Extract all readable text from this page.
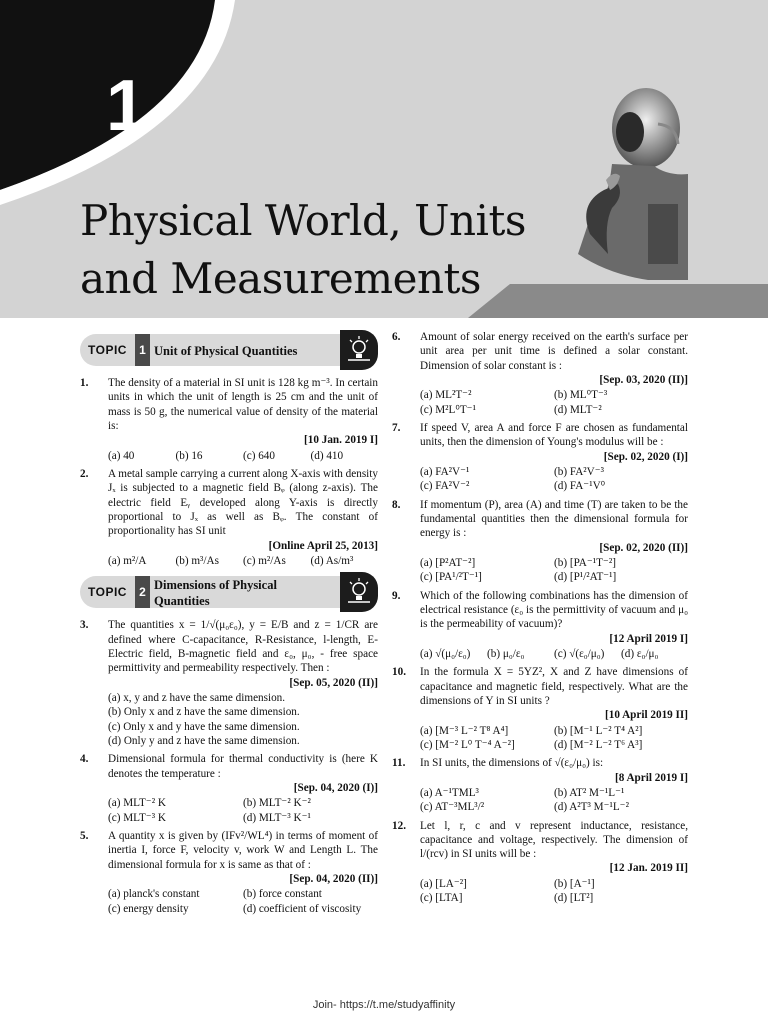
1
Physical World, Units
and Measurements
TOPIC	1 Unit of Physical Quantities
1. The density of a material in SI unit is 128 kg m⁻³. In certain units in which the unit of length is 25 cm and the unit of mass is 50 g, the numerical value of density of the material is:
[10 Jan. 2019 I]
(a) 40	(b) 16	(c) 640	(d) 410
2. A metal sample carrying a current along X-axis with density Jₓ is subjected to a magnetic field Bᵩ (along z-axis). The electric field Eᵧ developed along Y-axis is directly proportional to Jₓ as well as Bᵩ. The constant of proportionality has SI unit
[Online April 25, 2013]
(a) m²/A	(b) m³/As	(c) m²/As	(d) As/m³
TOPIC	2 Dimensions of Physical Quantities
3. The quantities x = 1/√(μ₀ε₀), y = E/B and z = 1/CR are defined where C-capacitance, R-Resistance, l-length, E-Electric field, B-magnetic field and ε₀, μ₀, - free space permittivity and permeability respectively. Then :
[Sep. 05, 2020 (II)]
(a) x, y and z have the same dimension.
(b) Only x and z have the same dimension.
(c) Only x and y have the same dimension.
(d) Only y and z have the same dimension.
4. Dimensional formula for thermal conductivity is (here K denotes the temperature :
[Sep. 04, 2020 (I)]
(a) MLT⁻² K	(b) MLT⁻² K⁻²
(c) MLT⁻³ K	(d) MLT⁻³ K⁻¹
5. A quantity x is given by (IFv²/WL⁴) in terms of moment of inertia I, force F, velocity v, work W and Length L. The dimensional formula for x is same as that of :
[Sep. 04, 2020 (II)]
(a) planck's constant	(b) force constant
(c) energy density	(d) coefficient of viscosity
6. Amount of solar energy received on the earth's surface per unit area per unit time is defined a solar constant. Dimension of solar constant is :
[Sep. 03, 2020 (II)]
(a) ML²T⁻²	(b) ML⁰T⁻³
(c) M²L⁰T⁻¹	(d) MLT⁻²
7. If speed V, area A and force F are chosen as fundamental units, then the dimension of Young's modulus will be :
[Sep. 02, 2020 (I)]
(a) FA²V⁻¹	(b) FA²V⁻³
(c) FA²V⁻²	(d) FA⁻¹V⁰
8. If momentum (P), area (A) and time (T) are taken to be the fundamental quantities then the dimensional formula for energy is :
[Sep. 02, 2020 (II)]
(a) [P²AT⁻²]	(b) [PA⁻¹T⁻²]
(c) [PA¹/²T⁻¹]	(d) [P¹/²AT⁻¹]
9. Which of the following combinations has the dimension of electrical resistance (ε₀ is the permittivity of vacuum and μ₀ is the permeability of vacuum)?
[12 April 2019 I]
(a) √(μ₀/ε₀)	(b) μ₀/ε₀	(c) √(ε₀/μ₀)	(d) ε₀/μ₀
10. In the formula X = 5YZ², X and Z have dimensions of capacitance and magnetic field, respectively. What are the dimensions of Y in SI units ?
[10 April 2019 II]
(a) [M⁻³ L⁻² T⁸ A⁴]	(b) [M⁻¹ L⁻² T⁴ A²]
(c) [M⁻² L⁰ T⁻⁴ A⁻²]	(d) [M⁻² L⁻² T⁶ A³]
11. In SI units, the dimensions of √(ε₀/μ₀) is:
[8 April 2019 I]
(a) A⁻¹TML³	(b) AT² M⁻¹L⁻¹
(c) AT⁻³ML³/²	(d) A²T³ M⁻¹L⁻²
12. Let l, r, c and v represent inductance, resistance, capacitance and voltage, respectively. The dimension of l/(rcv) in SI units will be :
[12 Jan. 2019 II]
(a) [LA⁻²]	(b) [A⁻¹]
(c) [LTA]	(d) [LT²]
Join- https://t.me/studyaffinity
